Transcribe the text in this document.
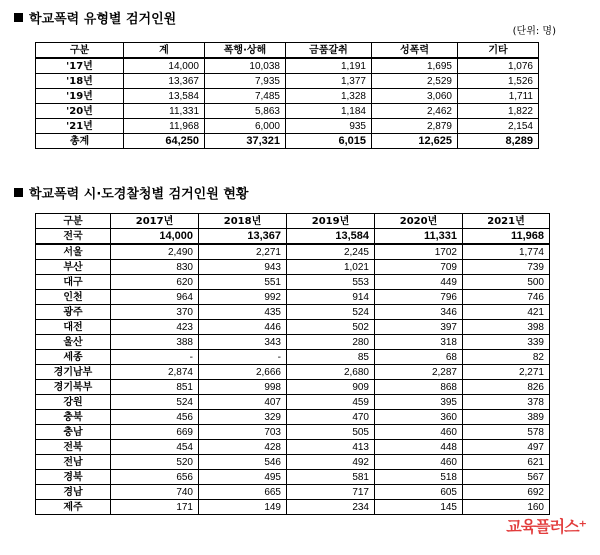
학교폭력 유형별 검거인원
(단위: 명)
구분	계	폭행·상해	금품갈취	성폭력	기타
'17년	14,000	10,038	1,191	1,695	1,076
'18년	13,367	7,935	1,377	2,529	1,526
'19년	13,584	7,485	1,328	3,060	1,711
'20년	11,331	5,863	1,184	2,462	1,822
'21년	11,968	6,000	935	2,879	2,154
총계	64,250	37,321	6,015	12,625	8,289
학교폭력 시·도경찰청별 검거인원 현황
구분	2017년	2018년	2019년	2020년	2021년
전국	14,000	13,367	13,584	11,331	11,968
서울	2,490	2,271	2,245	1702	1,774
부산	830	943	1,021	709	739
대구	620	551	553	449	500
인천	964	992	914	796	746
광주	370	435	524	346	421
대전	423	446	502	397	398
울산	388	343	280	318	339
세종	-	-	85	68	82
경기남부	2,874	2,666	2,680	2,287	2,271
경기북부	851	998	909	868	826
강원	524	407	459	395	378
충북	456	329	470	360	389
충남	669	703	505	460	578
전북	454	428	413	448	497
전남	520	546	492	460	621
경북	656	495	581	518	567
경남	740	665	717	605	692
제주	171	149	234	145	160
교육플러스⁺
